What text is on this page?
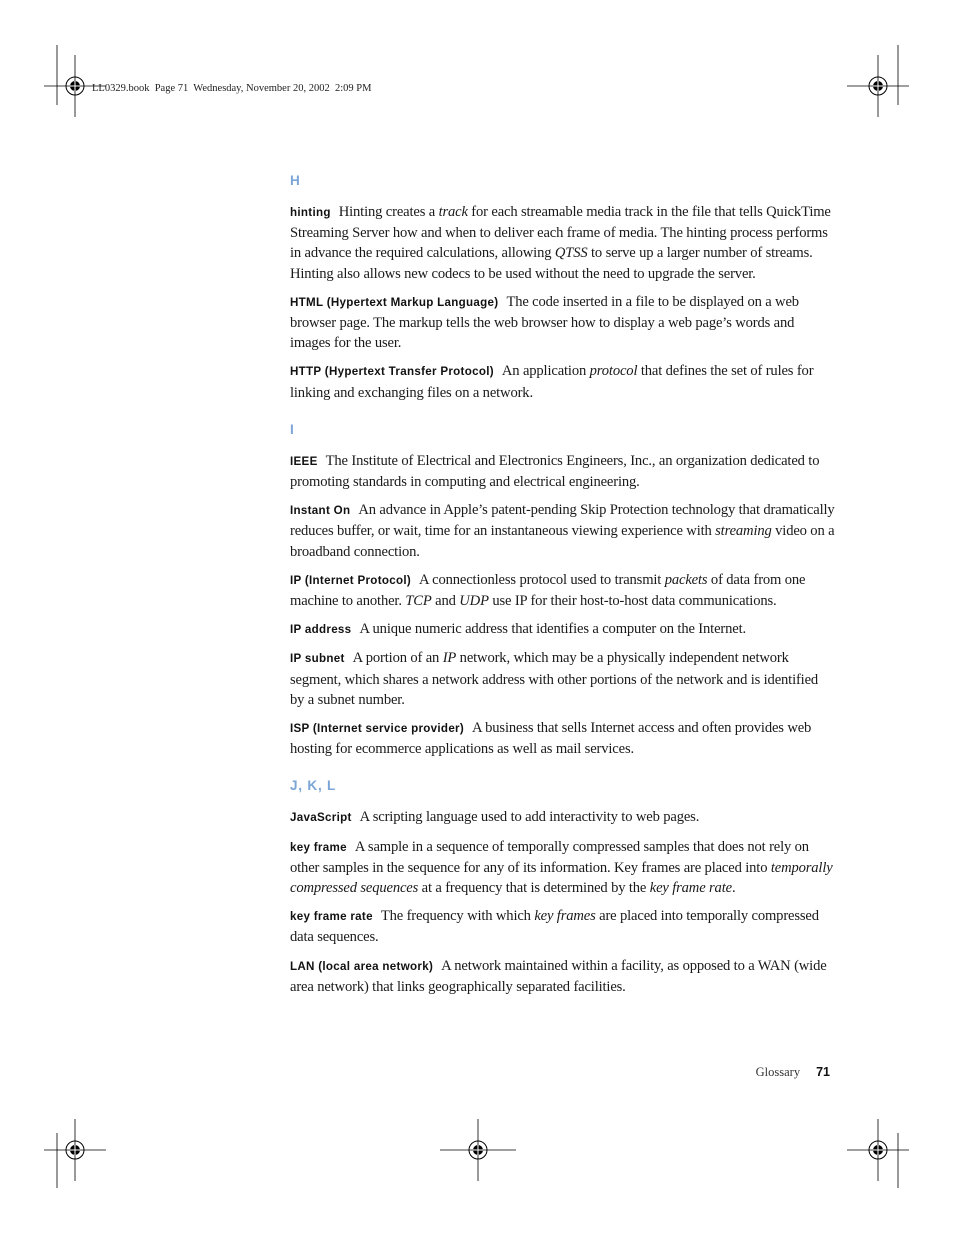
LL0329.book  Page 71  Wednesday, November 20, 2002  2:09 PM
H

hinting Hinting creates a track for each streamable media track in the file that tells QuickTime Streaming Server how and when to deliver each frame of media. The hinting process performs in advance the required calculations, allowing QTSS to serve up a larger number of streams. Hinting also allows new codecs to be used without the need to upgrade the server.

HTML (Hypertext Markup Language) The code inserted in a file to be displayed on a web browser page. The markup tells the web browser how to display a web page’s words and images for the user.

HTTP (Hypertext Transfer Protocol) An application protocol that defines the set of rules for linking and exchanging files on a network.

I

IEEE The Institute of Electrical and Electronics Engineers, Inc., an organization dedicated to promoting standards in computing and electrical engineering.

Instant On An advance in Apple’s patent-pending Skip Protection technology that dramatically reduces buffer, or wait, time for an instantaneous viewing experience with streaming video on a broadband connection.

IP (Internet Protocol) A connectionless protocol used to transmit packets of data from one machine to another. TCP and UDP use IP for their host-to-host data communications.

IP address A unique numeric address that identifies a computer on the Internet.

IP subnet A portion of an IP network, which may be a physically independent network segment, which shares a network address with other portions of the network and is identified by a subnet number.

ISP (Internet service provider) A business that sells Internet access and often provides web hosting for ecommerce applications as well as mail services.

J, K, L

JavaScript A scripting language used to add interactivity to web pages.

key frame A sample in a sequence of temporally compressed samples that does not rely on other samples in the sequence for any of its information. Key frames are placed into temporally compressed sequences at a frequency that is determined by the key frame rate.

key frame rate The frequency with which key frames are placed into temporally compressed data sequences.

LAN (local area network) A network maintained within a facility, as opposed to a WAN (wide area network) that links geographically separated facilities.

Glossary 71
